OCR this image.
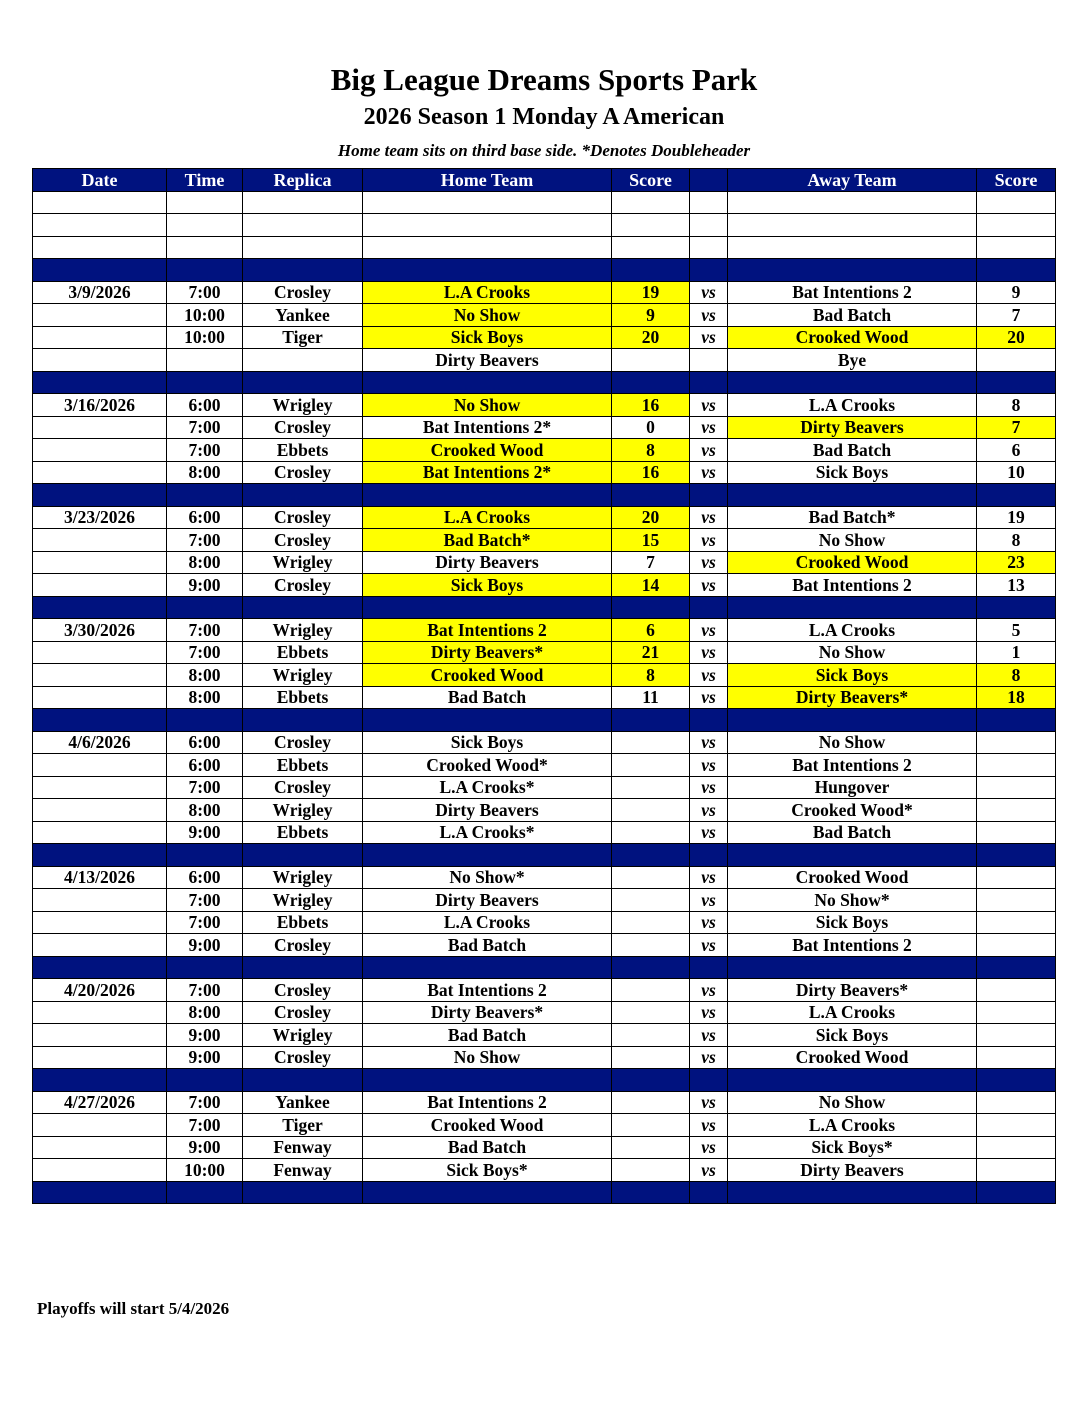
Big League Dreams Sports Park
2026 Season 1 Monday A American
Home team sits on third base side. *Denotes Doubleheader
Date	Time	Replica	Home Team	Score		Away Team	Score

3/9/2026	7:00	Crosley	L.A Crooks	19	vs	Bat Intentions 2	9
	10:00	Yankee	No Show	9	vs	Bad Batch	7
	10:00	Tiger	Sick Boys	20	vs	Crooked Wood	20
			Dirty Beavers			Bye	

3/16/2026	6:00	Wrigley	No Show	16	vs	L.A Crooks	8
	7:00	Crosley	Bat Intentions 2*	0	vs	Dirty Beavers	7
	7:00	Ebbets	Crooked Wood	8	vs	Bad Batch	6
	8:00	Crosley	Bat Intentions 2*	16	vs	Sick Boys	10

3/23/2026	6:00	Crosley	L.A Crooks	20	vs	Bad Batch*	19
	7:00	Crosley	Bad Batch*	15	vs	No Show	8
	8:00	Wrigley	Dirty Beavers	7	vs	Crooked Wood	23
	9:00	Crosley	Sick Boys	14	vs	Bat Intentions 2	13

3/30/2026	7:00	Wrigley	Bat Intentions 2	6	vs	L.A Crooks	5
	7:00	Ebbets	Dirty Beavers*	21	vs	No Show	1
	8:00	Wrigley	Crooked Wood	8	vs	Sick Boys	8
	8:00	Ebbets	Bad Batch	11	vs	Dirty Beavers*	18

4/6/2026	6:00	Crosley	Sick Boys		vs	No Show	
	6:00	Ebbets	Crooked Wood*		vs	Bat Intentions 2	
	7:00	Crosley	L.A Crooks*		vs	Hungover	
	8:00	Wrigley	Dirty Beavers		vs	Crooked Wood*	
	9:00	Ebbets	L.A Crooks*		vs	Bad Batch	

4/13/2026	6:00	Wrigley	No Show*		vs	Crooked Wood	
	7:00	Wrigley	Dirty Beavers		vs	No Show*	
	7:00	Ebbets	L.A Crooks		vs	Sick Boys	
	9:00	Crosley	Bad Batch		vs	Bat Intentions 2	

4/20/2026	7:00	Crosley	Bat Intentions 2		vs	Dirty Beavers*	
	8:00	Crosley	Dirty Beavers*		vs	L.A Crooks	
	9:00	Wrigley	Bad Batch		vs	Sick Boys	
	9:00	Crosley	No Show		vs	Crooked Wood	

4/27/2026	7:00	Yankee	Bat Intentions 2		vs	No Show	
	7:00	Tiger	Crooked Wood		vs	L.A Crooks	
	9:00	Fenway	Bad Batch		vs	Sick Boys*	
	10:00	Fenway	Sick Boys*		vs	Dirty Beavers	

Playoffs will start 5/4/2026
